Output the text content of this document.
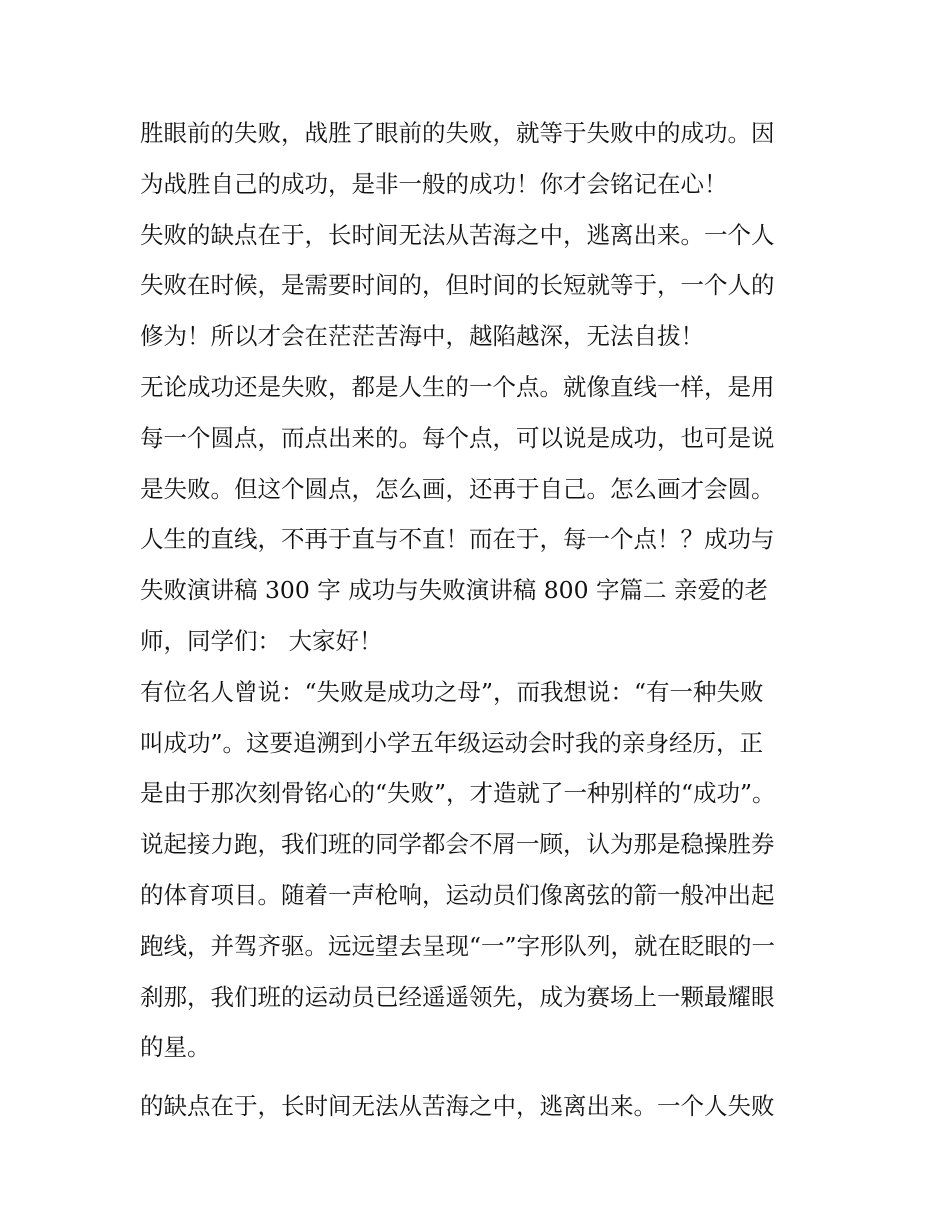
胜眼前的失败，战胜了眼前的失败，就等于失败中的成功。因
为战胜自己的成功，是非一般的成功！你才会铭记在心！
失败的缺点在于，长时间无法从苦海之中，逃离出来。一个人
失败在时候，是需要时间的，但时间的长短就等于，一个人的
修为！所以才会在茫茫苦海中，越陷越深，无法自拔！
无论成功还是失败，都是人生的一个点。就像直线一样，是用
每一个圆点，而点出来的。每个点，可以说是成功，也可是说
是失败。但这个圆点，怎么画，还再于自己。怎么画才会圆。
人生的直线，不再于直与不直！而在于，每一个点！？成功与
失败演讲稿 300 字 成功与失败演讲稿 800 字篇二 亲爱的老
师，同学们： 大家好！
有位名人曾说：“失败是成功之母”，而我想说：“有一种失败
叫成功”。这要追溯到小学五年级运动会时我的亲身经历，正
是由于那次刻骨铭心的“失败”，才造就了一种别样的“成功”。
说起接力跑，我们班的同学都会不屑一顾，认为那是稳操胜券
的体育项目。随着一声枪响，运动员们像离弦的箭一般冲出起
跑线，并驾齐驱。远远望去呈现“一”字形队列，就在眨眼的一
刹那，我们班的运动员已经遥遥领先，成为赛场上一颗最耀眼
的星。
的缺点在于，长时间无法从苦海之中，逃离出来。一个人失败
